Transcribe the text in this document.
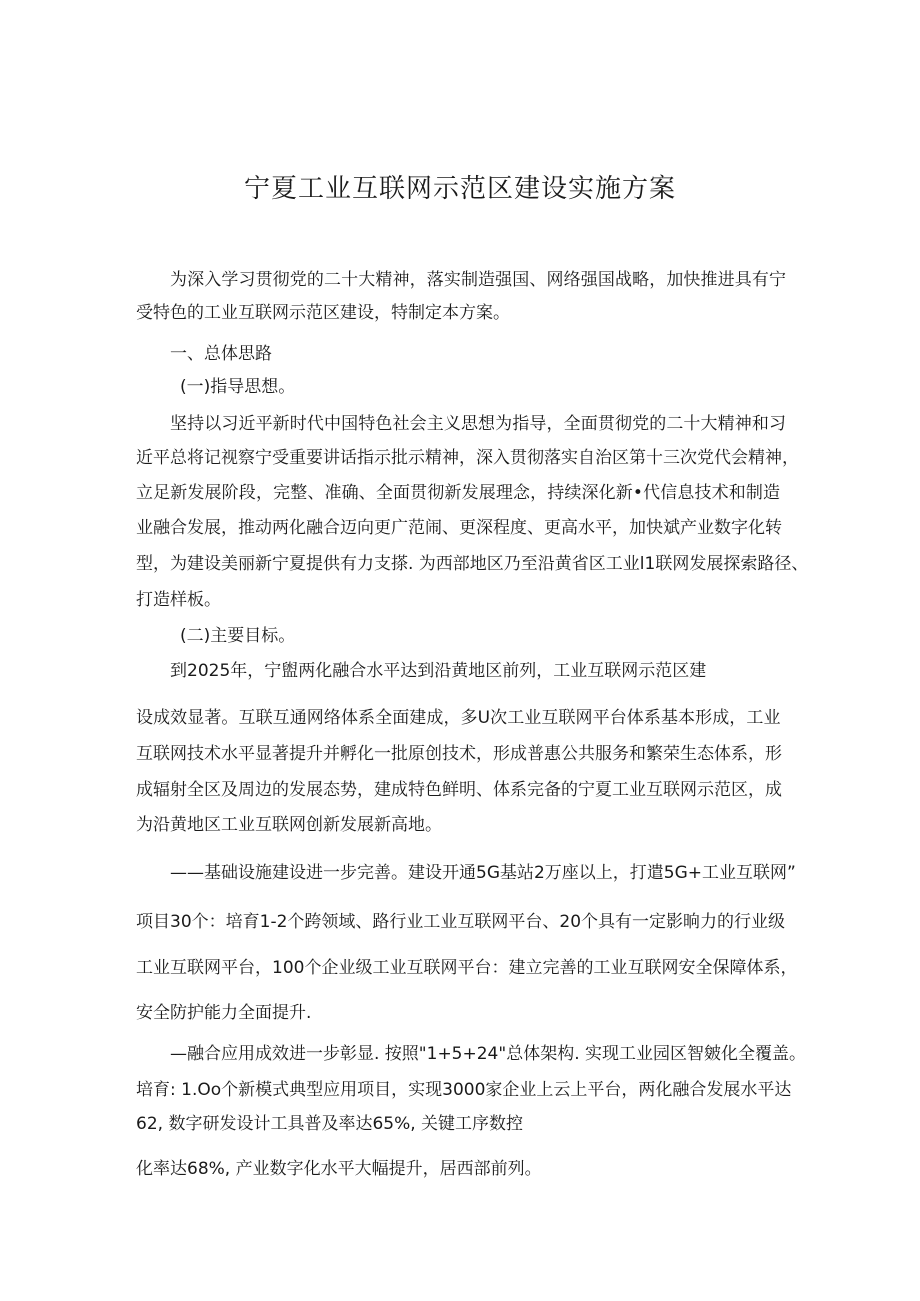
宁夏工业互联网示范区建设实施方案
为深入学习贯彻党的二十大精神，落实制造强国、网络强国战略，加快推进具有宁
受特色的工业互联网示范区建设，特制定本方案。
一、总体思路
(一)指导思想。
坚持以习近平新时代中国特色社会主义思想为指导，全面贯彻党的二十大精神和习
近平总将记视察宁受重要讲话指示批示精神，深入贯彻落实自治区第十三次党代会精神，
立足新发展阶段，完整、准确、全面贯彻新发展理念，持续深化新•代信息技术和制造
业融合发展，推动两化融合迈向更广范闹、更深程度、更高水平，加快斌产业数字化转
型，为建设美丽新宁夏提供有力支搽. 为西部地区乃至沿黄省区工业l1联网发展探索路径、
打造样板。
(二)主要目标。
到2025年，宁盥两化融合水平达到沿黄地区前列，工业互联网示范区建
设成效显著。互联互通网络体系全面建成，多U次工业互联网平台体系基本形成，工业
互联网技术水平显著提升并孵化一批原创技术，形成普惠公共服务和繁荣生态体系，形
成辐射全区及周边的发展态势，建成特色鲜明、体系完备的宁夏工业互联网示范区，成
为沿黄地区工业互联网创新发展新高地。
——基础设施建设进一步完善。建设开通5G基站2万座以上，打遣5G+工业互联网”
项目30个：培育1-2个跨领域、路行业工业互联网平台、20个具有一定影晌力的行业级
工业互联网平台，100个企业级工业互联网平台：建立完善的工业互联网安全保障体系，
安全防护能力全面提升.
—融合应用成效进一步彰显. 按照"1+5+24"总体架构. 实现工业园区智皴化全覆盖。
培育: 1.Oo个新模式典型应用项目，实现3000家企业上云上平台，两化融合发展水平达
62, 数字研发设计工具普及率达65%, 关键工序数控
化率达68%, 产业数字化水平大幅提升，居西部前列。
